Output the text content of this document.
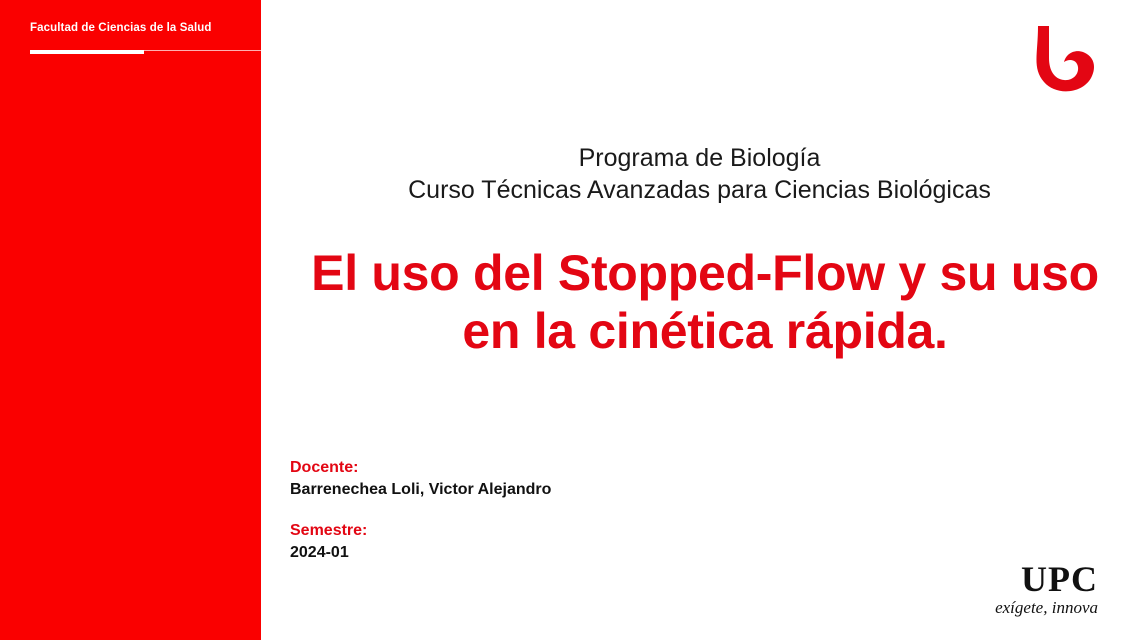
Facultad de Ciencias de la Salud
Programa de Biología
Curso Técnicas Avanzadas para Ciencias Biológicas
El uso del Stopped-Flow y su uso en la cinética rápida.
Docente:
Barrenechea Loli, Victor Alejandro
Semestre:
2024-01
UPC
exígete, innova
